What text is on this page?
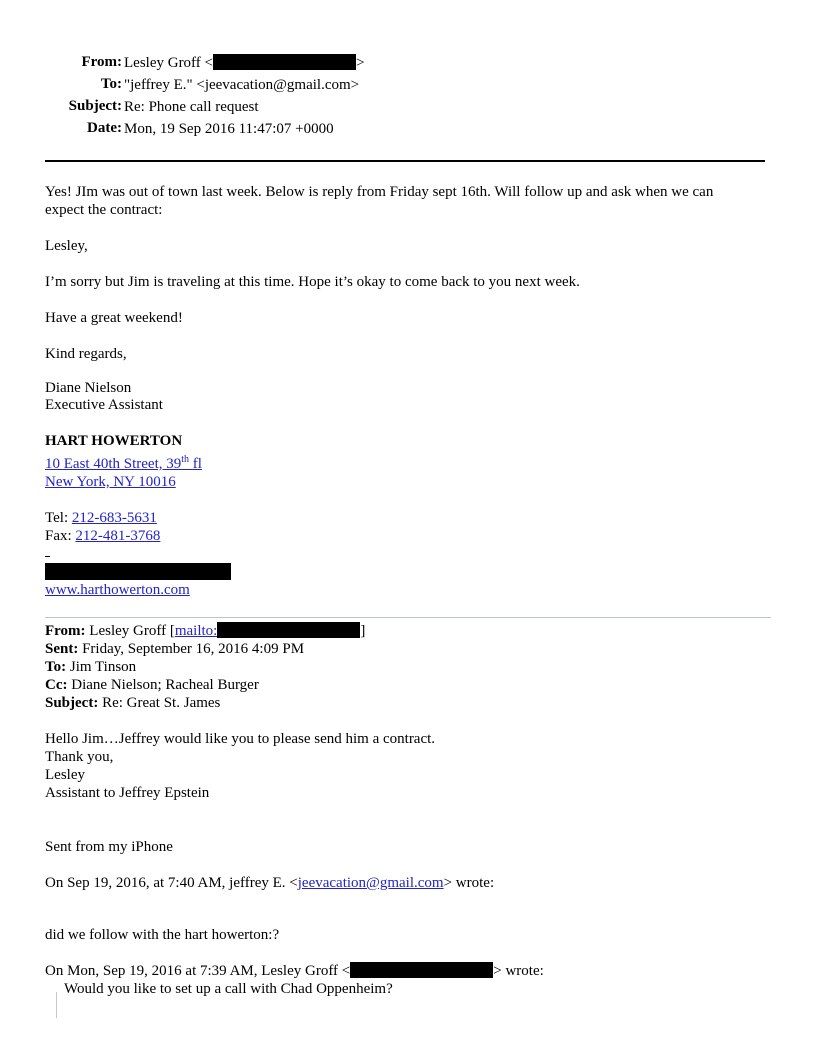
From: Lesley Groff <	>
To: "jeffrey E." <jeevacation@gmail.com>
Subject: Re: Phone call request
Date: Mon, 19 Sep 2016 11:47:07 +0000
Yes! JIm was out of town last week. Below is reply from Friday sept 16th. Will follow up and ask when we can
expect the contract:
Lesley,
I’m sorry but Jim is traveling at this time. Hope it’s okay to come back to you next week.
Have a great weekend!
Kind regards,
Diane Nielson
Executive Assistant
HART HOWERTON
10 East 40th Street, 39th fl
New York, NY 10016
Tel: 212-683-5631
Fax: 212-481-3768
www.harthowerton.com
From: Lesley Groff [mailto:	]
Sent: Friday, September 16, 2016 4:09 PM
To: Jim Tinson
Cc: Diane Nielson; Racheal Burger
Subject: Re: Great St. James
Hello Jim…Jeffrey would like you to please send him a contract.
Thank you,
Lesley
Assistant to Jeffrey Epstein
Sent from my iPhone
On Sep 19, 2016, at 7:40 AM, jeffrey E. <jeevacation@gmail.com> wrote:
did we follow with the hart howerton:?
On Mon, Sep 19, 2016 at 7:39 AM, Lesley Groff <	> wrote:
Would you like to set up a call with Chad Oppenheim?
